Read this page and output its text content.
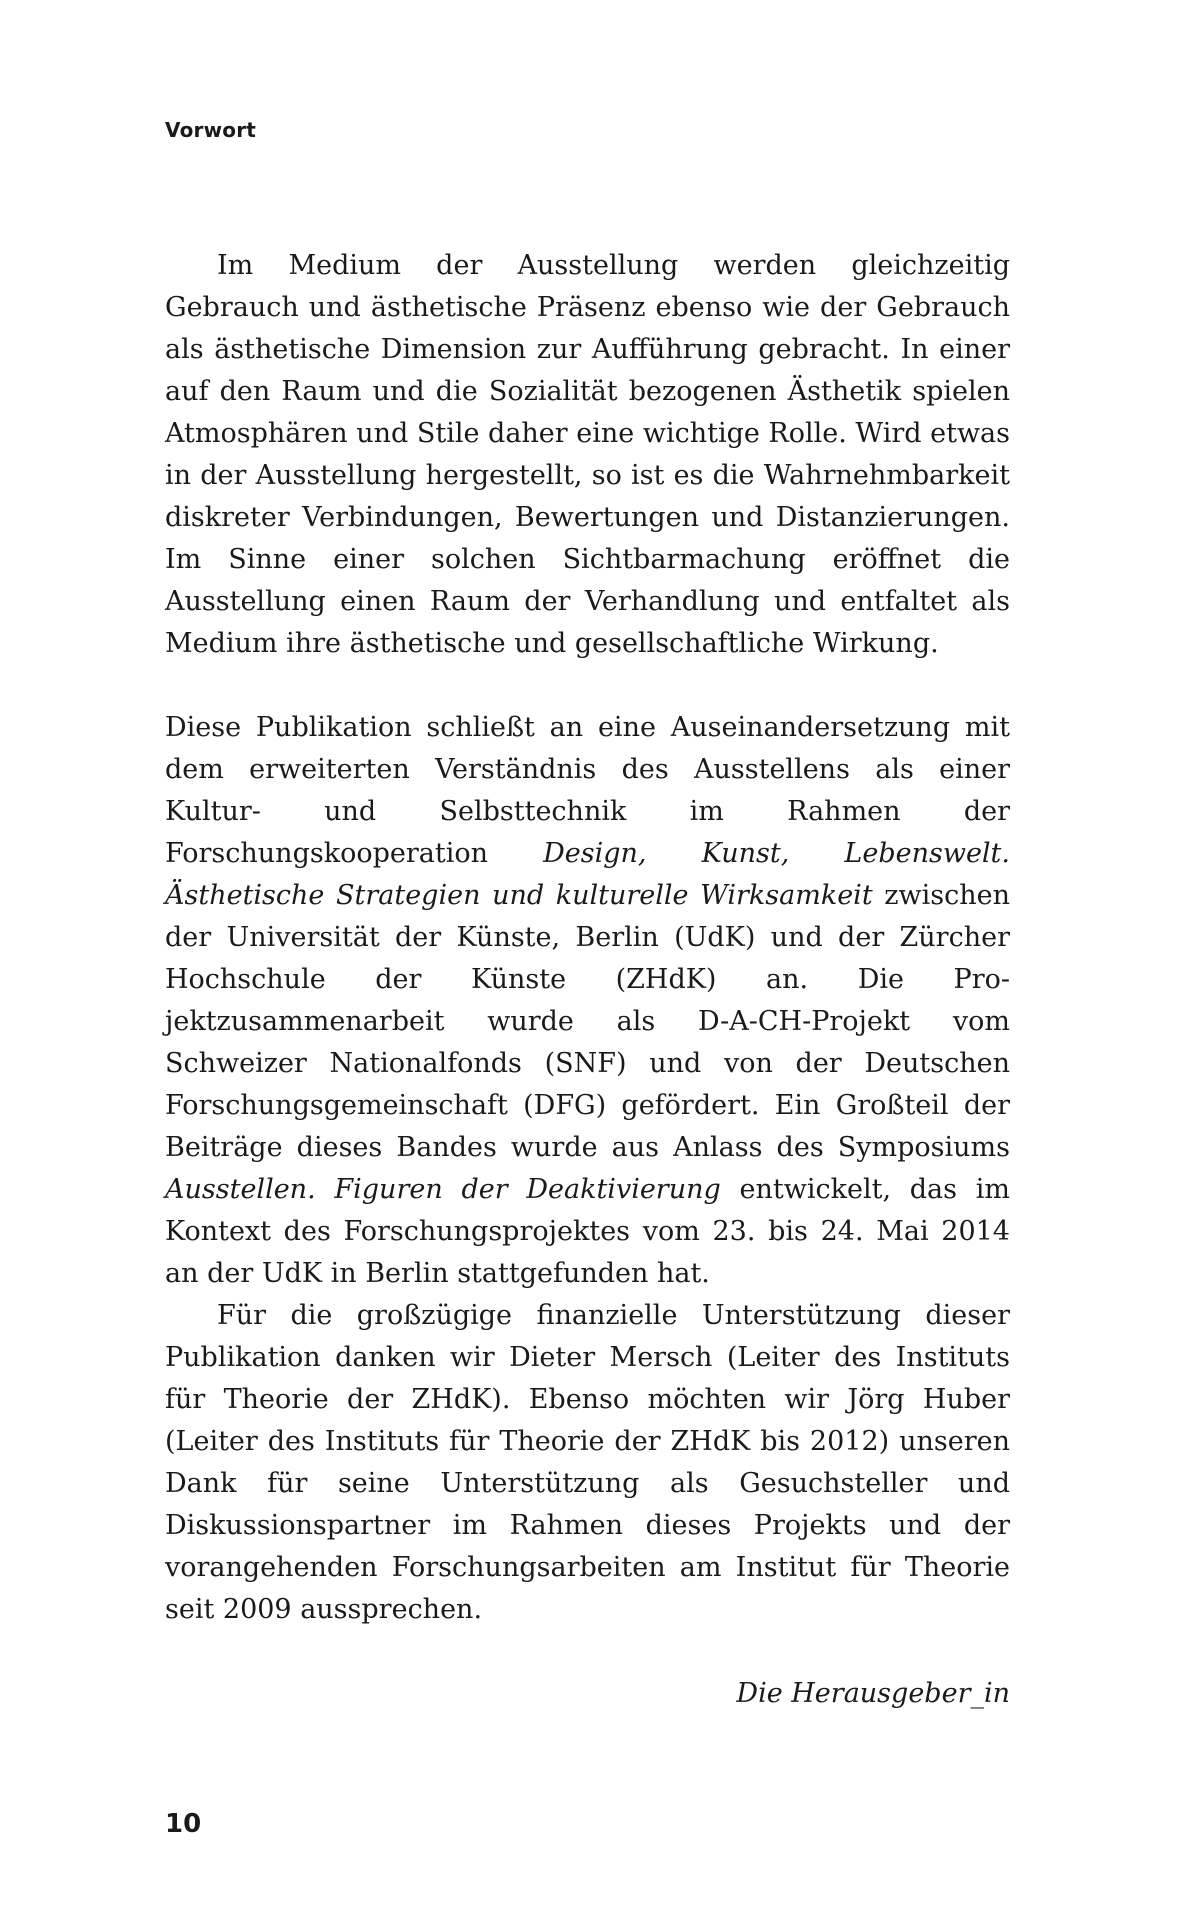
Vorwort

Im Medium der Ausstellung werden gleichzeitig Gebrauch und ästhetische Präsenz ebenso wie der Gebrauch als ästhetische Dimension zur Aufführung gebracht. In einer auf den Raum und die Sozialität bezogenen Ästhetik spielen Atmosphären und Stile daher eine wichtige Rolle. Wird etwas in der Ausstellung hergestellt, so ist es die Wahrnehmbarkeit diskreter Verbindungen, Bewertungen und Distanzierungen. Im Sinne einer solchen Sichtbarmachung eröffnet die Ausstellung einen Raum der Verhandlung und entfaltet als Medium ihre ästhetische und gesellschaftliche Wirkung.

Diese Publikation schließt an eine Auseinandersetzung mit dem erweiterten Verständnis des Ausstellens als einer Kultur- und Selbsttechnik im Rahmen der Forschungskooperation Design, Kunst, Lebenswelt. Ästhetische Strategien und kulturelle Wirksamkeit zwischen der Universität der Künste, Berlin (UdK) und der Zürcher Hochschule der Künste (ZHdK) an. Die Projektzusammenarbeit wurde als D-A-CH-Projekt vom Schweizer Nationalfonds (SNF) und von der Deutschen Forschungsgemeinschaft (DFG) gefördert. Ein Großteil der Beiträge dieses Bandes wurde aus Anlass des Symposiums Ausstellen. Figuren der Deaktivierung entwickelt, das im Kontext des Forschungsprojektes vom 23. bis 24. Mai 2014 an der UdK in Berlin stattgefunden hat.

Für die großzügige finanzielle Unterstützung dieser Publikation danken wir Dieter Mersch (Leiter des Instituts für Theorie der ZHdK). Ebenso möchten wir Jörg Huber (Leiter des Instituts für Theorie der ZHdK bis 2012) unseren Dank für seine Unterstützung als Gesuchsteller und Diskussionspartner im Rahmen dieses Projekts und der vorangehenden Forschungsarbeiten am Institut für Theorie seit 2009 aussprechen.

Die Herausgeber_in

10
